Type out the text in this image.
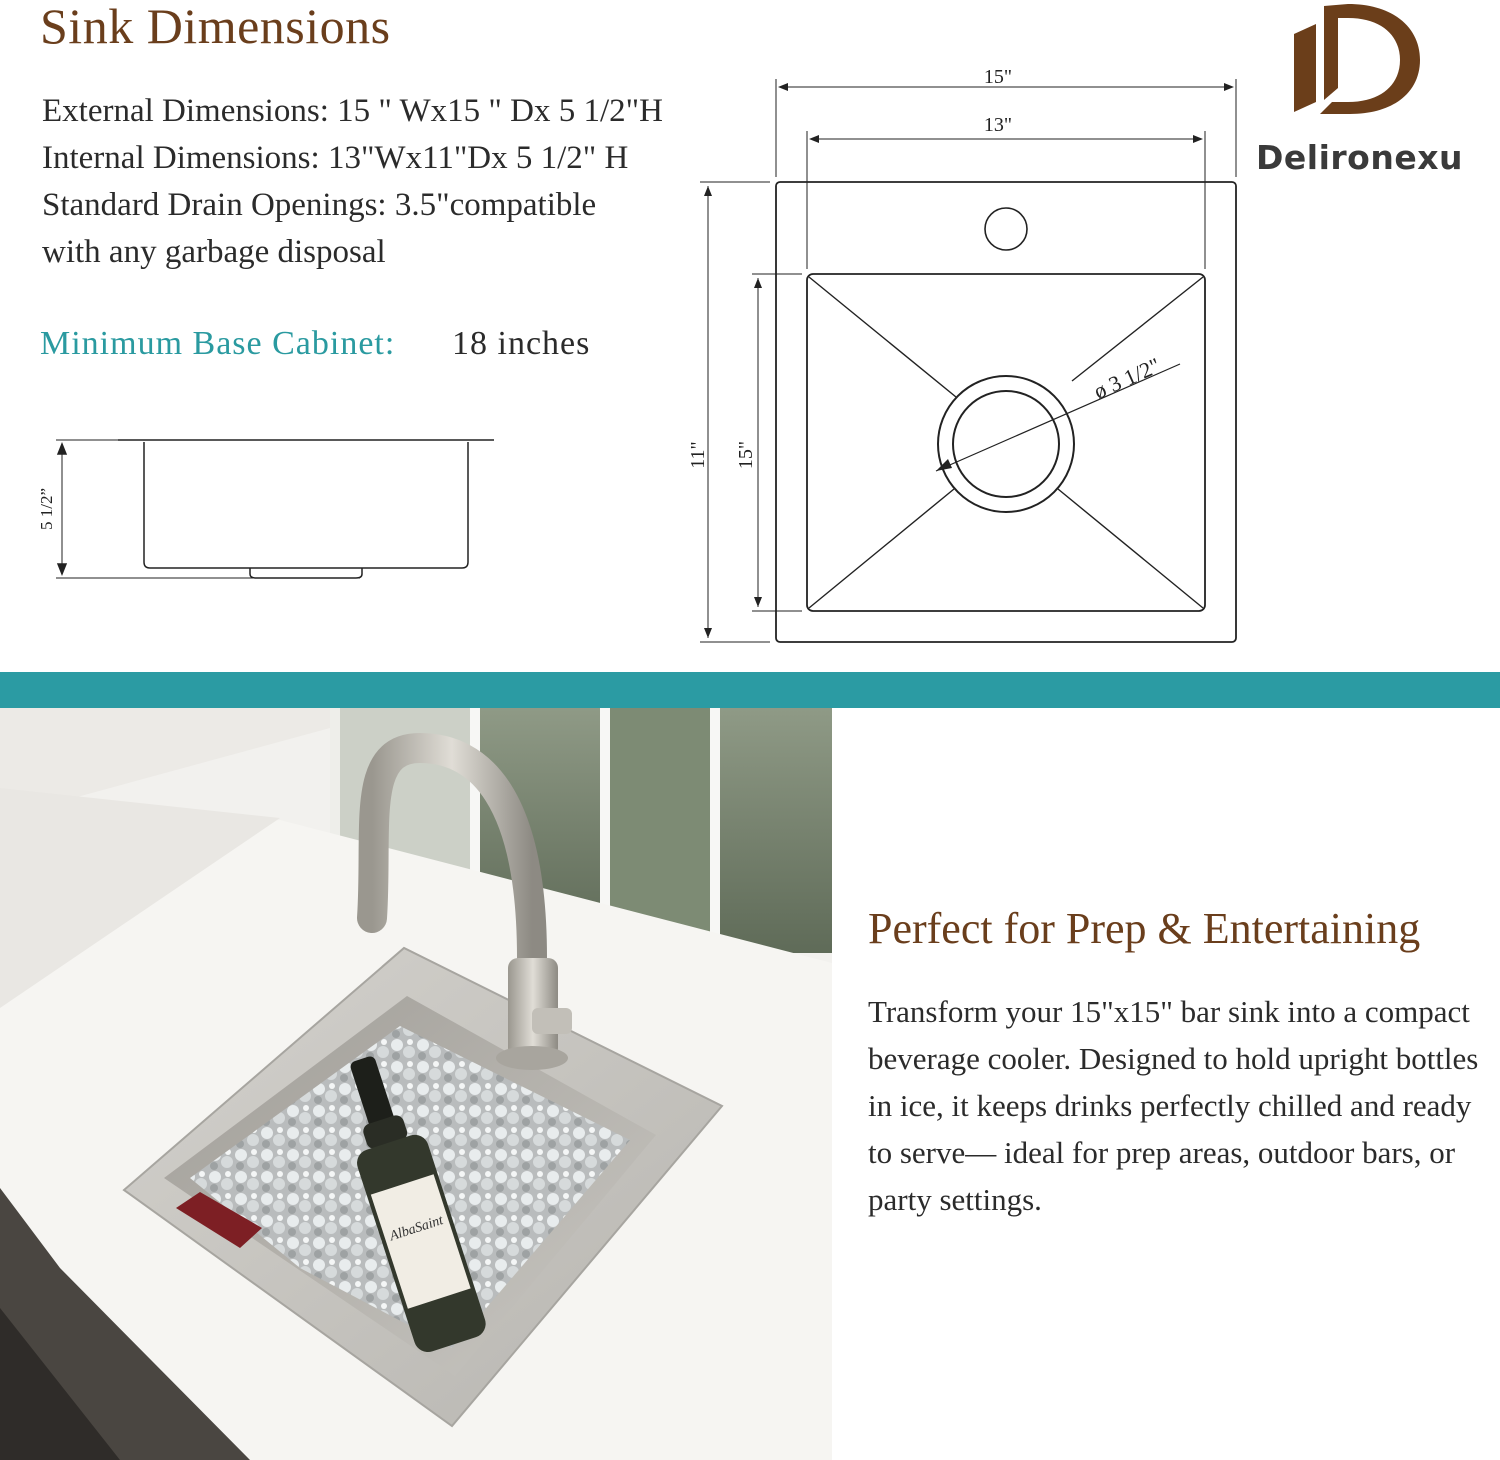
Sink Dimensions
External Dimensions: 15 " Wx15 " Dx 5 1/2"H
Internal Dimensions: 13"Wx11"Dx 5 1/2" H
Standard Drain Openings: 3.5"compatible
with any garbage disposal
Minimum Base Cabinet: 18 inches
Delironexu
5 1/2”
15"
13"
11" 15"
ø 3 1/2"
AlbaSaint
Perfect for Prep & Entertaining
Transform your 15"x15" bar sink into a compact beverage cooler. Designed to hold upright bottles in ice, it keeps drinks perfectly chilled and ready to serve— ideal for prep areas, outdoor bars, or party settings.
